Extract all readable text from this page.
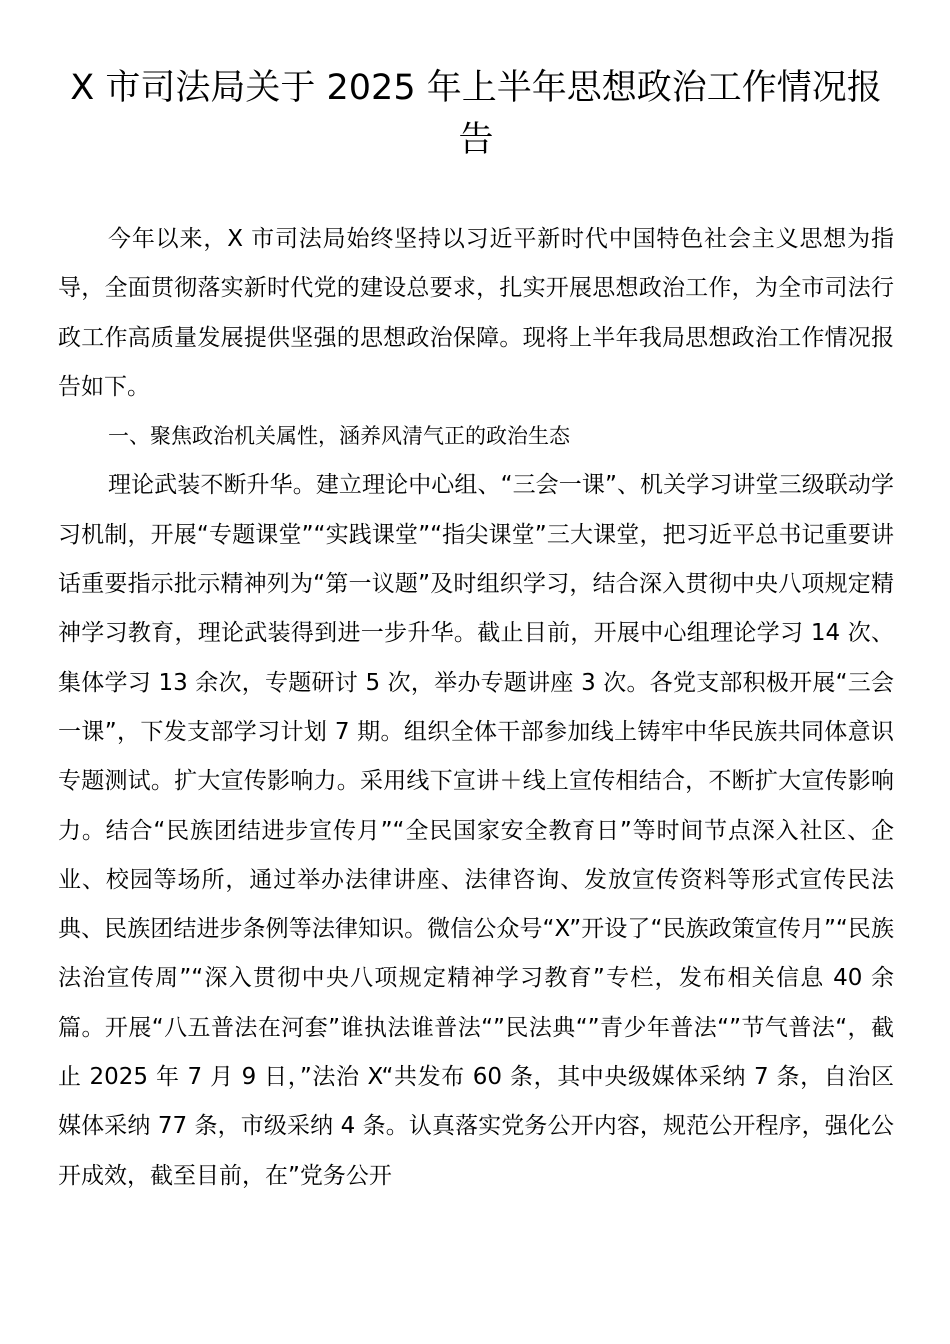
X 市司法局关于 2025 年上半年思想政治工作情况报告

今年以来，X 市司法局始终坚持以习近平新时代中国特色社会主义思想为指导，全面贯彻落实新时代党的建设总要求，扎实开展思想政治工作，为全市司法行政工作高质量发展提供坚强的思想政治保障。现将上半年我局思想政治工作情况报告如下。

一、聚焦政治机关属性，涵养风清气正的政治生态

理论武装不断升华。建立理论中心组、“三会一课”、机关学习讲堂三级联动学习机制，开展“专题课堂”“实践课堂”“指尖课堂”三大课堂，把习近平总书记重要讲话重要指示批示精神列为“第一议题”及时组织学习，结合深入贯彻中央八项规定精神学习教育，理论武装得到进一步升华。截止目前，开展中心组理论学习 14 次、集体学习 13 余次，专题研讨 5 次，举办专题讲座 3 次。各党支部积极开展“三会一课”，下发支部学习计划 7 期。组织全体干部参加线上铸牢中华民族共同体意识专题测试。扩大宣传影响力。采用线下宣讲＋线上宣传相结合，不断扩大宣传影响力。结合“民族团结进步宣传月”“全民国家安全教育日”等时间节点深入社区、企业、校园等场所，通过举办法律讲座、法律咨询、发放宣传资料等形式宣传民法典、民族团结进步条例等法律知识。微信公众号“X”开设了“民族政策宣传月”“民族法治宣传周”“深入贯彻中央八项规定精神学习教育”专栏，发布相关信息 40 余篇。开展“八五普法在河套”谁执法谁普法“”民法典“”青少年普法“”节气普法“，截止 2025 年 7 月 9 日，”法治 X“共发布 60 条，其中央级媒体采纳 7 条，自治区媒体采纳 77 条，市级采纳 4 条。认真落实党务公开内容，规范公开程序，强化公开成效，截至目前，在”党务公开
